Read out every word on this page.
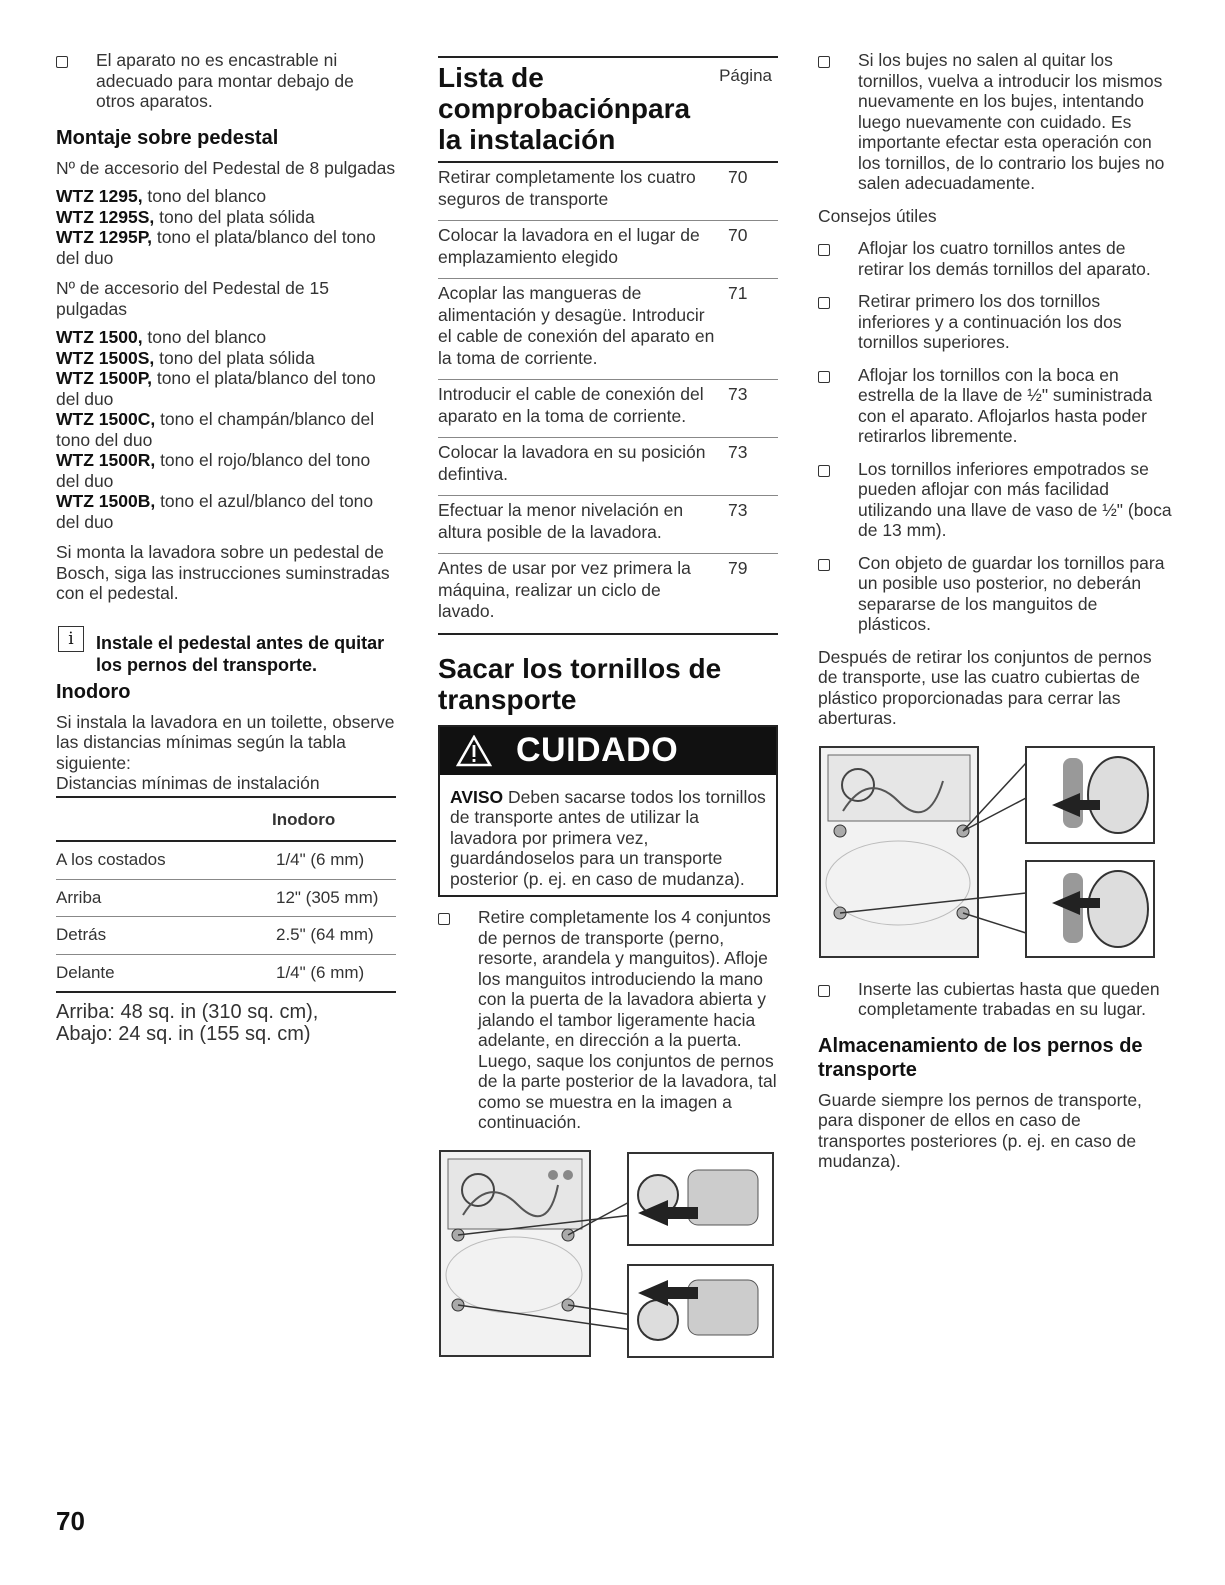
El aparato no es encastrable ni adecuado para montar debajo de otros aparatos.
Montaje sobre pedestal

Nº de accesorio del Pedestal de 8 pulgadas

WTZ 1295, tono del blanco
WTZ 1295S, tono del plata sólida
WTZ 1295P, tono el plata/blanco del tono del duo

Nº de accesorio del Pedestal de 15 pulgadas

WTZ 1500, tono del blanco
WTZ 1500S, tono del plata sólida
WTZ 1500P, tono el plata/blanco del tono del duo
WTZ 1500C, tono el champán/blanco del tono del duo
WTZ 1500R, tono el rojo/blanco del tono del duo
WTZ 1500B, tono el azul/blanco del tono del duo

Si monta la lavadora sobre un pedestal de Bosch, siga las instrucciones suminstradas con el pedestal.

i	Instale el pedestal antes de quitar los pernos del transporte.
Inodoro

Si instala la lavadora en un toilette, observe las distancias mínimas según la tabla siguiente:

Distancias mínimas de instalación
	Inodoro
A los costados	1/4" (6 mm)
Arriba	12" (305 mm)
Detrás	2.5" (64 mm)
Delante	1/4" (6 mm)
Arriba: 48 sq. in (310 sq. cm),
Abajo: 24 sq. in (155 sq. cm)
Lista de comprobaciónpara la instalación
Página
Retirar completamente los cuatro seguros de transporte
70
Colocar la lavadora en el lugar de emplazamiento elegido
70
Acoplar las mangueras de alimentación y desagüe. Introducir el cable de conexión del aparato en la toma de corriente.
71
Introducir el cable de conexión del aparato en la toma de corriente.
73
Colocar la lavadora en su posición defintiva.
73
Efectuar la menor nivelación en altura posible de la lavadora.
73
Antes de usar por vez primera la máquina, realizar un ciclo de lavado.
79
Sacar los tornillos de transporte
CUIDADO
AVISO Deben sacarse todos los tornillos de transporte antes de utilizar la lavadora por primera vez, guardándoselos para un transporte posterior (p. ej. en caso de mudanza).
Retire completamente los 4 conjuntos de pernos de transporte (perno, resorte, arandela y manguitos). Afloje los manguitos introduciendo la mano con la puerta de la lavadora abierta y jalando el tambor ligeramente hacia adelante, en dirección a la puerta. Luego, saque los conjuntos de pernos de la parte posterior de la lavadora, tal como se muestra en la imagen a continuación.
Si los bujes no salen al quitar los tornillos, vuelva a introducir los mismos nuevamente en los bujes, intentando luego nuevamente con cuidado. Es importante efectar esta operación con los tornillos, de lo contrario los bujes no salen adecuadamente.

Consejos útiles

Aflojar los cuatro tornillos antes de retirar los demás tornillos del aparato.
Retirar primero los dos tornillos inferiores y a continuación los dos tornillos superiores.
Aflojar los tornillos con la boca en estrella de la llave de ½" suministrada con el aparato. Aflojarlos hasta poder retirarlos libremente.
Los tornillos inferiores empotrados se pueden aflojar con más facilidad utilizando una llave de vaso de ½" (boca de 13 mm).
Con objeto de guardar los tornillos para un posible uso posterior, no deberán separarse de los manguitos de plásticos.

Después de retirar los conjuntos de pernos de transporte, use las cuatro cubiertas de plástico proporcionadas para cerrar las aberturas.

Inserte las cubiertas hasta que queden completamente trabadas en su lugar.
Almacenamiento de los pernos de transporte

Guarde siempre los pernos de transporte, para disponer de ellos en caso de transportes posteriores (p. ej. en caso de mudanza).

70
